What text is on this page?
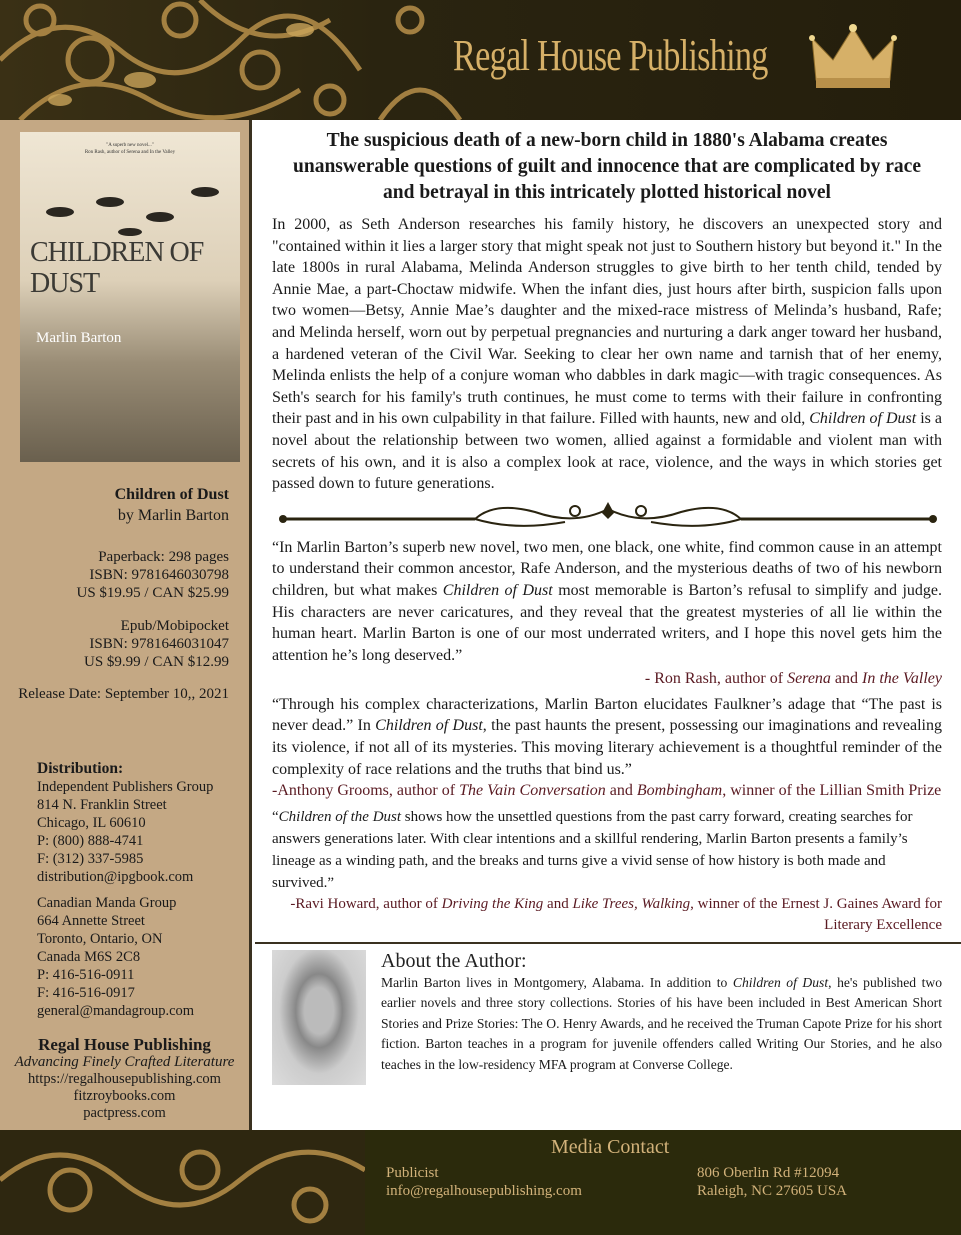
Regal House Publishing
"A superb new novel..."
Ron Rash, author of Serena and In the Valley
CHILDREN OF DUST
Marlin Barton
Children of Dust
by Marlin Barton
Paperback: 298 pages
ISBN: 9781646030798
US $19.95 / CAN $25.99
Epub/Mobipocket
ISBN: 9781646031047
US $9.99 / CAN $12.99
Release Date: September 10,, 2021
Distribution:
Independent Publishers Group
814 N. Franklin Street
Chicago, IL 60610
P: (800) 888-4741
F: (312) 337-5985
distribution@ipgbook.com
Canadian Manda Group
664 Annette Street
Toronto, Ontario, ON
Canada M6S 2C8
P: 416-516-0911
F: 416-516-0917
general@mandagroup.com
Regal House Publishing
Advancing Finely Crafted Literature
https://regalhousepublishing.com
fitzroybooks.com
pactpress.com
The suspicious death of a new-born child in 1880's Alabama creates unanswerable questions of guilt and innocence that are complicated by race and betrayal in this intricately plotted historical novel
In 2000, as Seth Anderson researches his family history, he discovers an unexpected story and "contained within it lies a larger story that might speak not just to Southern history but beyond it." In the late 1800s in rural Alabama, Melinda Anderson struggles to give birth to her tenth child, tended by Annie Mae, a part-Choctaw midwife. When the infant dies, just hours after birth, suspicion falls upon two women—Betsy, Annie Mae’s daughter and the mixed-race mistress of Melinda’s husband, Rafe; and Melinda herself, worn out by perpetual pregnancies and nurturing a dark anger toward her husband, a hardened veteran of the Civil War. Seeking to clear her own name and tarnish that of her enemy, Melinda enlists the help of a conjure woman who dabbles in dark magic—with tragic consequences. As Seth's search for his family's truth continues, he must come to terms with their failure in confronting their past and in his own culpability in that failure. Filled with haunts, new and old, Children of Dust is a novel about the relationship between two women, allied against a formidable and violent man with secrets of his own, and it is also a complex look at race, violence, and the ways in which stories get passed down to future generations.
“In Marlin Barton’s superb new novel, two men, one black, one white, find common cause in an attempt to understand their common ancestor, Rafe Anderson, and the mysterious deaths of two of his newborn children, but what makes Children of Dust most memorable is Barton’s refusal to simplify and judge. His characters are never caricatures, and they reveal that the greatest mysteries of all lie within the human heart. Marlin Barton is one of our most underrated writers, and I hope this novel gets him the attention he’s long deserved.”
- Ron Rash, author of Serena and In the Valley
“Through his complex characterizations, Marlin Barton elucidates Faulkner’s adage that “The past is never dead.” In Children of Dust, the past haunts the present, possessing our imaginations and revealing its violence, if not all of its mysteries. This moving literary achievement is a thoughtful reminder of the complexity of race relations and the truths that bind us.”
-Anthony Grooms, author of The Vain Conversation and Bombingham, winner of the Lillian Smith Prize
“Children of the Dust shows how the unsettled questions from the past carry forward, creating searches for answers generations later. With clear intentions and a skillful rendering, Marlin Barton presents a family’s lineage as a winding path, and the breaks and turns give a vivid sense of how history is both made and survived.”
-Ravi Howard, author of Driving the King and Like Trees, Walking, winner of the Ernest J. Gaines Award for Literary Excellence
About the Author:
Marlin Barton lives in Montgomery, Alabama. In addition to Children of Dust, he's published two earlier novels and three story collections. Stories of his have been included in Best American Short Stories and Prize Stories: The O. Henry Awards, and he received the Truman Capote Prize for his short fiction. Barton teaches in a program for juvenile offenders called Writing Our Stories, and he also teaches in the low-residency MFA program at Converse College.
Media Contact
Publicist
info@regalhousepublishing.com
806 Oberlin Rd #12094
Raleigh, NC 27605 USA
